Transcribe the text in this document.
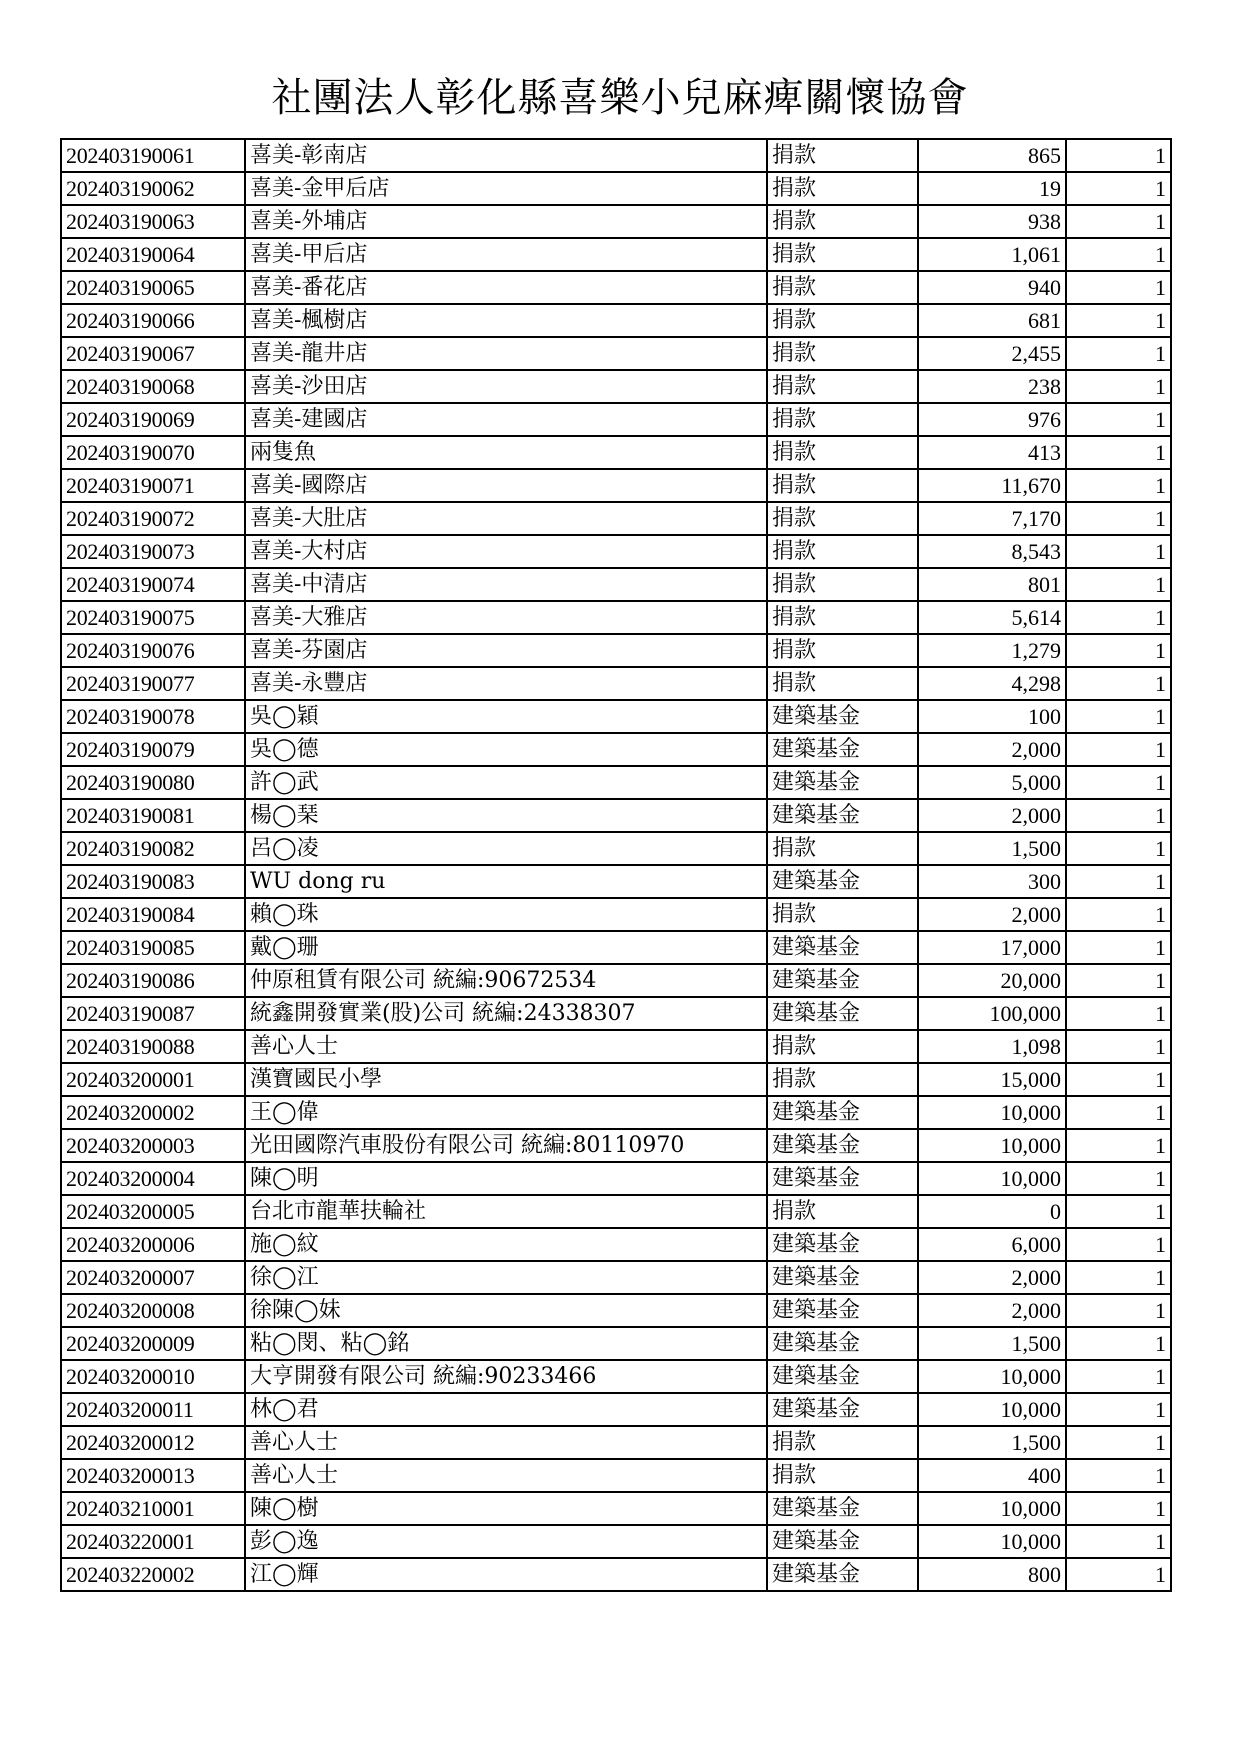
社團法人彰化縣喜樂小兒麻痺關懷協會
202403190061	喜美-彰南店	捐款	865	1
202403190062	喜美-金甲后店	捐款	19	1
202403190063	喜美-外埔店	捐款	938	1
202403190064	喜美-甲后店	捐款	1,061	1
202403190065	喜美-番花店	捐款	940	1
202403190066	喜美-楓樹店	捐款	681	1
202403190067	喜美-龍井店	捐款	2,455	1
202403190068	喜美-沙田店	捐款	238	1
202403190069	喜美-建國店	捐款	976	1
202403190070	兩隻魚	捐款	413	1
202403190071	喜美-國際店	捐款	11,670	1
202403190072	喜美-大肚店	捐款	7,170	1
202403190073	喜美-大村店	捐款	8,543	1
202403190074	喜美-中清店	捐款	801	1
202403190075	喜美-大雅店	捐款	5,614	1
202403190076	喜美-芬園店	捐款	1,279	1
202403190077	喜美-永豐店	捐款	4,298	1
202403190078	吳◯穎	建築基金	100	1
202403190079	吳◯德	建築基金	2,000	1
202403190080	許◯武	建築基金	5,000	1
202403190081	楊◯琹	建築基金	2,000	1
202403190082	呂◯凌	捐款	1,500	1
202403190083	WU dong ru	建築基金	300	1
202403190084	賴◯珠	捐款	2,000	1
202403190085	戴◯珊	建築基金	17,000	1
202403190086	仲原租賃有限公司 統編:90672534	建築基金	20,000	1
202403190087	統鑫開發實業(股)公司 統編:24338307	建築基金	100,000	1
202403190088	善心人士	捐款	1,098	1
202403200001	漢寶國民小學	捐款	15,000	1
202403200002	王◯偉	建築基金	10,000	1
202403200003	光田國際汽車股份有限公司 統編:80110970	建築基金	10,000	1
202403200004	陳◯明	建築基金	10,000	1
202403200005	台北市龍華扶輪社	捐款	0	1
202403200006	施◯紋	建築基金	6,000	1
202403200007	徐◯江	建築基金	2,000	1
202403200008	徐陳◯妹	建築基金	2,000	1
202403200009	粘◯閔、粘◯銘	建築基金	1,500	1
202403200010	大亨開發有限公司 統編:90233466	建築基金	10,000	1
202403200011	林◯君	建築基金	10,000	1
202403200012	善心人士	捐款	1,500	1
202403200013	善心人士	捐款	400	1
202403210001	陳◯樹	建築基金	10,000	1
202403220001	彭◯逸	建築基金	10,000	1
202403220002	江◯輝	建築基金	800	1
